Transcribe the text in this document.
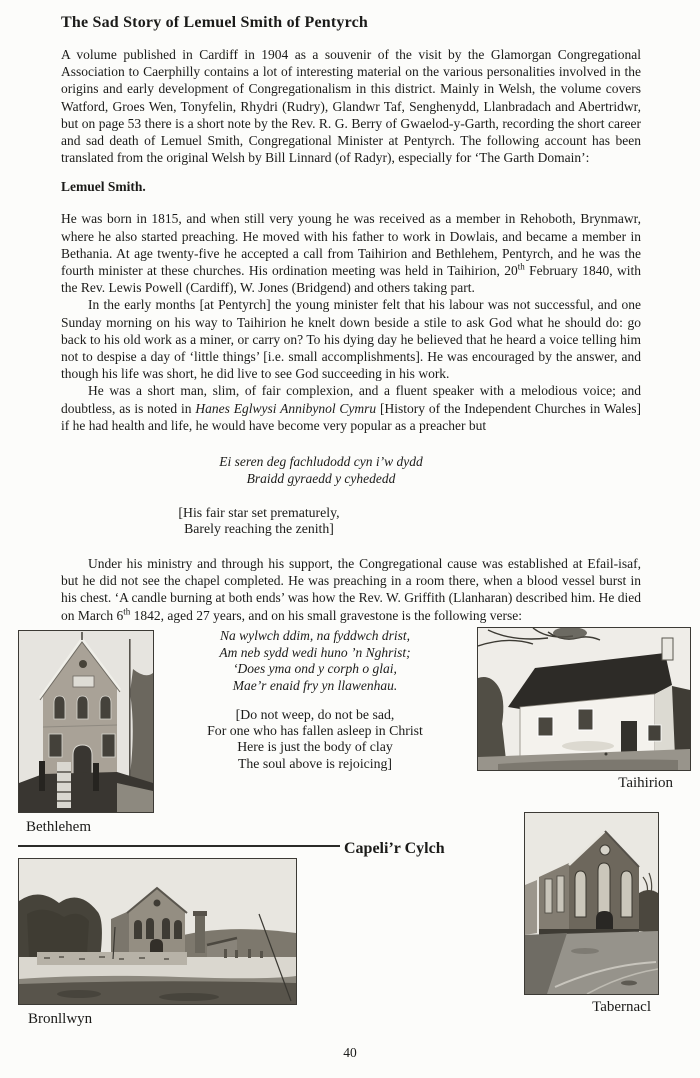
The Sad Story of Lemuel Smith of Pentyrch

A volume published in Cardiff in 1904 as a souvenir of the visit by the Glamorgan Congregational Association to Caerphilly contains a lot of interesting material on the various personalities involved in the origins and early development of Congregationalism in this district. Mainly in Welsh, the volume covers Watford, Groes Wen, Tonyfelin, Rhydri (Rudry), Glandwr Taf, Senghenydd, Llanbradach and Abertridwr, but on page 53 there is a short note by the Rev. R. G. Berry of Gwaelod-y-Garth, recording the short career and sad death of Lemuel Smith, Congregational Minister at Pentyrch. The following account has been translated from the original Welsh by Bill Linnard (of Radyr), especially for ‘The Garth Domain’:

Lemuel Smith.

He was born in 1815, and when still very young he was received as a member in Rehoboth, Brynmawr, where he also started preaching. He moved with his father to work in Dowlais, and became a member in Bethania. At age twenty-five he accepted a call from Taihirion and Bethlehem, Pentyrch, and he was the fourth minister at these churches. His ordination meeting was held in Taihirion, 20th February 1840, with the Rev. Lewis Powell (Cardiff), W. Jones (Bridgend) and others taking part.

In the early months [at Pentyrch] the young minister felt that his labour was not successful, and one Sunday morning on his way to Taihirion he knelt down beside a stile to ask God what he should do: go back to his old work as a miner, or carry on? To his dying day he believed that he heard a voice telling him not to despise a day of ‘little things’ [i.e. small accomplishments]. He was encouraged by the answer, and though his life was short, he did live to see God succeeding in his work.

He was a short man, slim, of fair complexion, and a fluent speaker with a melodious voice; and doubtless, as is noted in Hanes Eglwysi Annibynol Cymru [History of the Independent Churches in Wales] if he had health and life, he would have become very popular as a preacher but

Ei seren deg fachludodd cyn i’w dydd
Braidd gyraedd y cyhededd
[His fair star set prematurely,
Barely reaching the zenith]

Under his ministry and through his support, the Congregational cause was established at Efail-isaf, but he did not see the chapel completed. He was preaching in a room there, when a blood vessel burst in his chest. ‘A candle burning at both ends’ was how the Rev. W. Griffith (Llanharan) described him. He died on March 6th 1842, aged 27 years, and on his small gravestone is the following verse:

Na wylwch ddim, na fyddwch drist,
Am neb sydd wedi huno ’n Nghrist;
‘Does yma ond y corph o glai,
Mae’r enaid fry yn llawenhau.
[Do not weep, do not be sad,
For one who has fallen asleep in Christ
Here is just the body of clay
The soul above is rejoicing]
Bethlehem
Taihirion
Capeli’r Cylch
Bronllwyn
Tabernacl
40
